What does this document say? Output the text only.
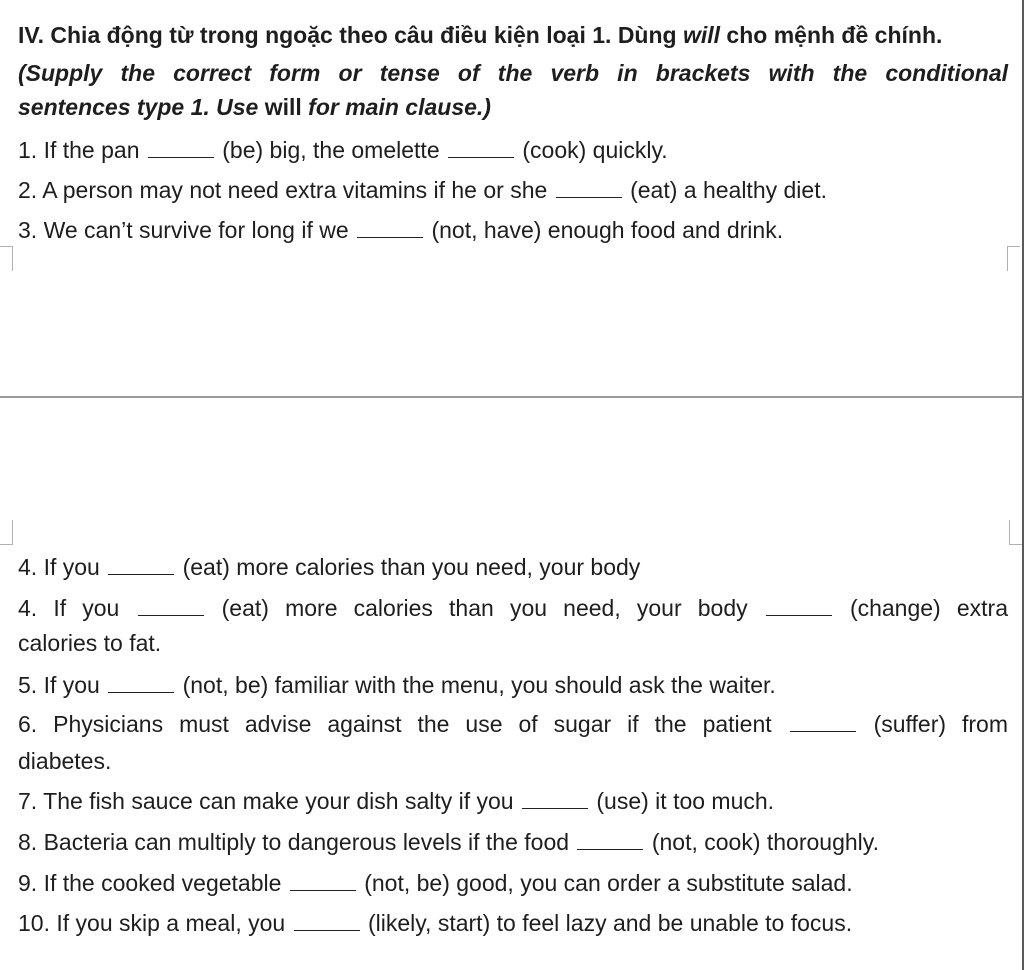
IV. Chia động từ trong ngoặc theo câu điều kiện loại 1. Dùng will cho mệnh đề chính.
(Supply the correct form or tense of the verb in brackets with the conditional
sentences type 1. Use will for main clause.)
1. If the pan	(be) big, the omelette	(cook) quickly.
2. A person may not need extra vitamins if he or she	(eat) a healthy diet.
3. We can’t survive for long if we	(not, have) enough food and drink.
4. If you	(eat) more calories than you need, your body
4. If you	(eat) more calories than you need, your body	(change) extra
calories to fat.
5. If you	(not, be) familiar with the menu, you should ask the waiter.
6. Physicians must advise against the use of sugar if the patient	(suffer) from
diabetes.
7. The fish sauce can make your dish salty if you	(use) it too much.
8. Bacteria can multiply to dangerous levels if the food	(not, cook) thoroughly.
9. If the cooked vegetable	(not, be) good, you can order a substitute salad.
10. If you skip a meal, you	(likely, start) to feel lazy and be unable to focus.
